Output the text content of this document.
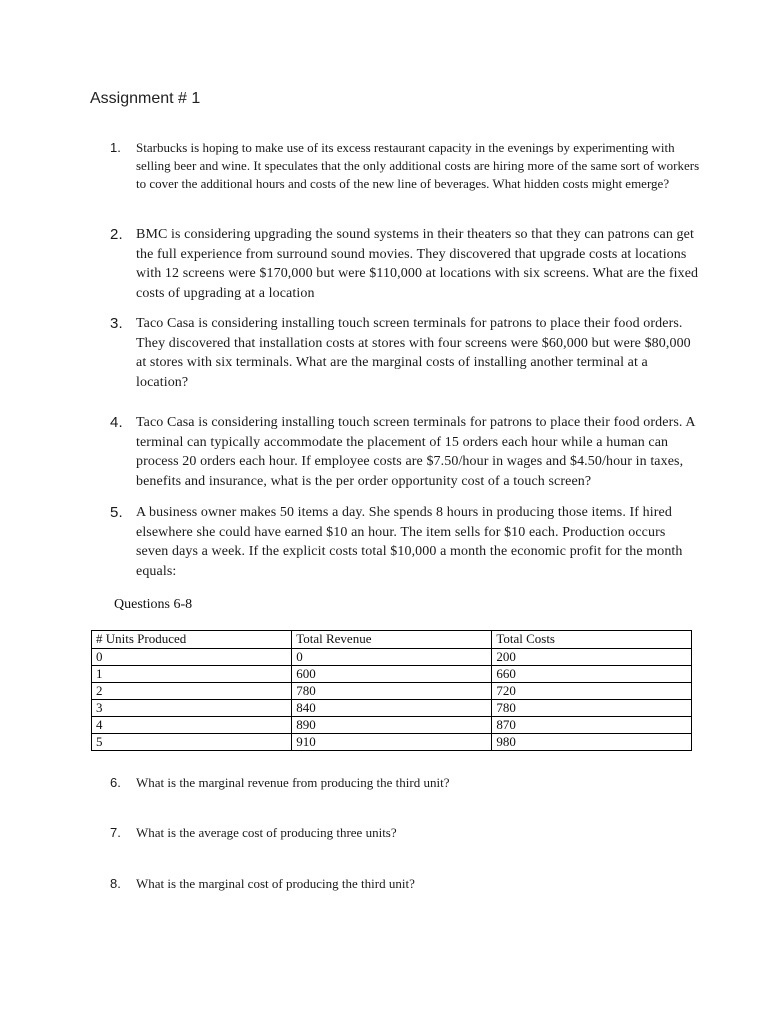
Assignment # 1
1.	Starbucks is hoping to make use of its excess restaurant capacity in the evenings by experimenting with selling beer and wine. It speculates that the only additional costs are hiring more of the same sort of workers to cover the additional hours and costs of the new line of beverages. What hidden costs might emerge?
2. BMC is considering upgrading the sound systems in their theaters so that they can patrons can get the full experience from surround sound movies. They discovered that upgrade costs at locations with 12 screens were $170,000 but were $110,000 at locations with six screens. What are the fixed costs of upgrading at a location
3. Taco Casa is considering installing touch screen terminals for patrons to place their food orders. They discovered that installation costs at stores with four screens were $60,000 but were $80,000 at stores with six terminals. What are the marginal costs of installing another terminal at a location?
4. Taco Casa is considering installing touch screen terminals for patrons to place their food orders. A terminal can typically accommodate the placement of 15 orders each hour while a human can process 20 orders each hour. If employee costs are $7.50/hour in wages and $4.50/hour in taxes, benefits and insurance, what is the per order opportunity cost of a touch screen?
5. A business owner makes 50 items a day. She spends 8 hours in producing those items. If hired elsewhere she could have earned $10 an hour. The item sells for $10 each. Production occurs seven days a week. If the explicit costs total $10,000 a month the economic profit for the month equals:
Questions 6-8
# Units Produced	Total Revenue	Total Costs
0	0	200
1	600	660
2	780	720
3	840	780
4	890	870
5	910	980
6.	What is the marginal revenue from producing the third unit?
7.	What is the average cost of producing three units?
8.	What is the marginal cost of producing the third unit?
